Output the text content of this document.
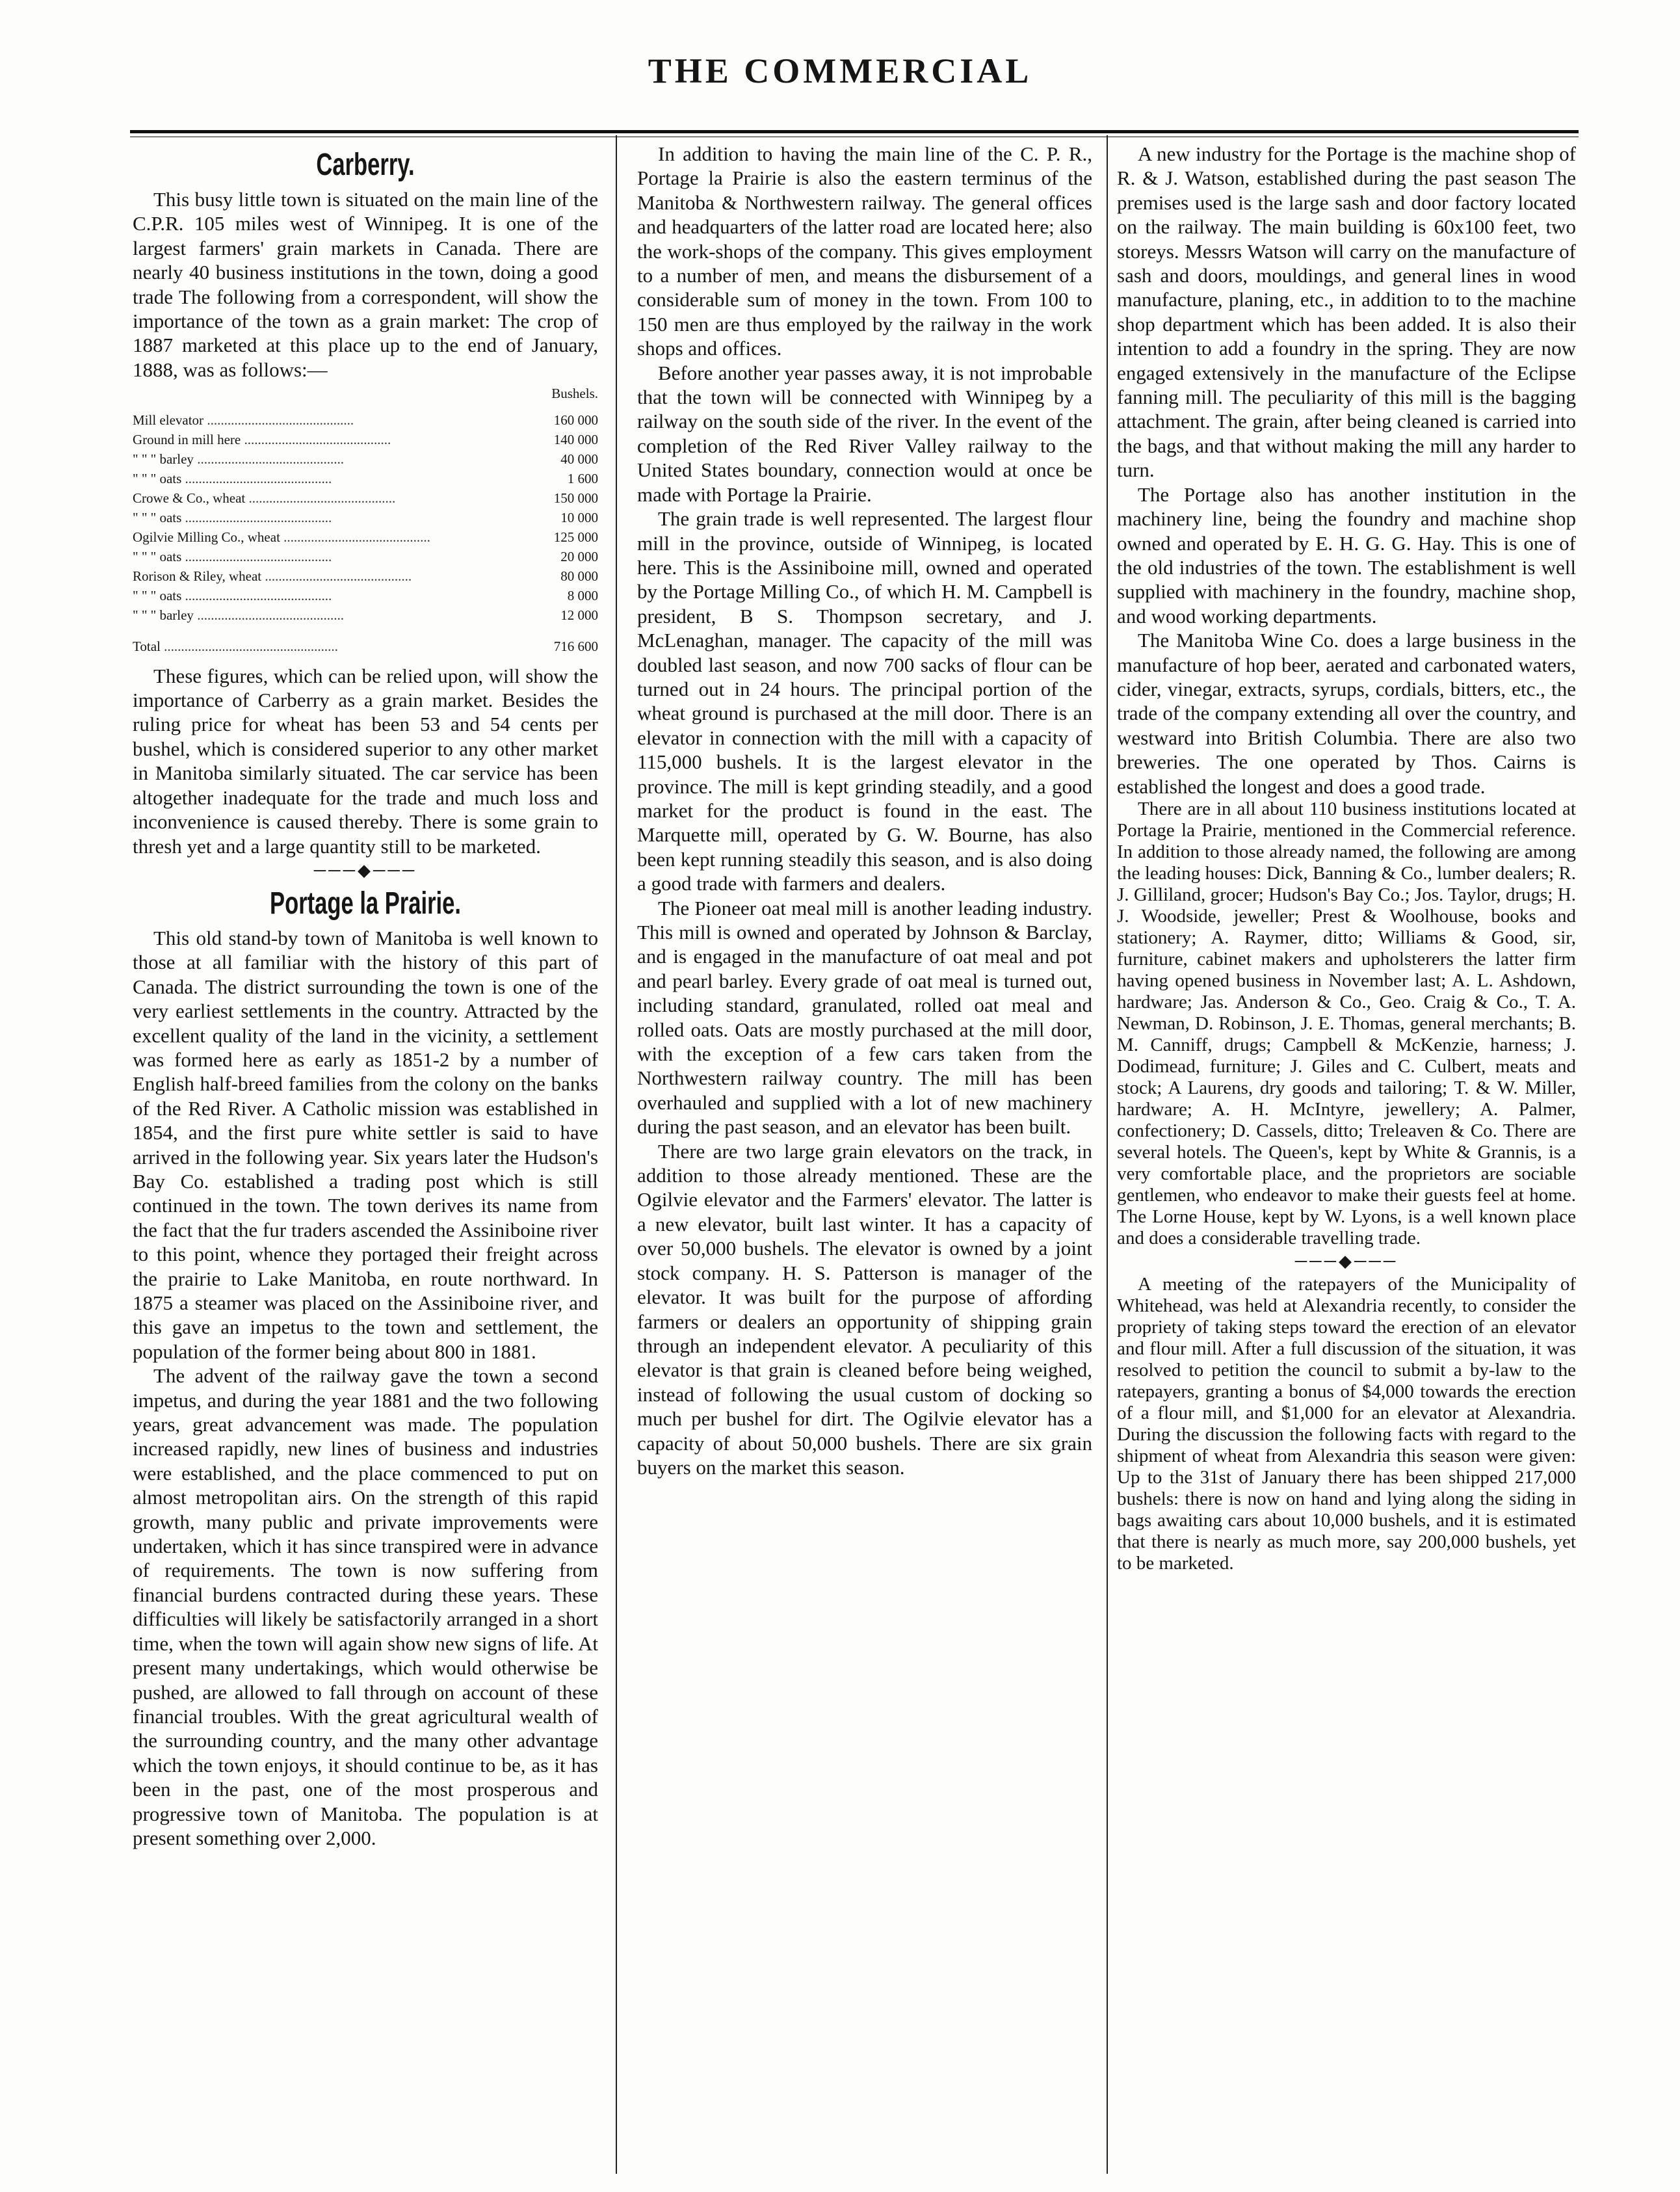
THE COMMERCIAL
Carberry.

This busy little town is situated on the main line of the C.P.R. 105 miles west of Winnipeg. It is one of the largest farmers' grain markets in Canada. There are nearly 40 business institutions in the town, doing a good trade The following from a correspondent, will show the importance of the town as a grain market: The crop of 1887 marketed at this place up to the end of January, 1888, was as follows:—

Bushels.
Mill elevator ...........................................	160 000
Ground in mill here ...........................................	140 000
" " " barley ...........................................	40 000
" " " oats ...........................................	1 600
Crowe & Co., wheat ...........................................	150 000
" " " oats ...........................................	10 000
Ogilvie Milling Co., wheat ...........................................	125 000
" " " oats ...........................................	20 000
Rorison & Riley, wheat ...........................................	80 000
" " " oats ...........................................	8 000
" " " barley ...........................................	12 000
Total ...................................................	716 600

These figures, which can be relied upon, will show the importance of Carberry as a grain market. Besides the ruling price for wheat has been 53 and 54 cents per bushel, which is considered superior to any other market in Manitoba similarly situated. The car service has been altogether inadequate for the trade and much loss and inconvenience is caused thereby. There is some grain to thresh yet and a large quantity still to be marketed.

───◆───
Portage la Prairie.

This old stand-by town of Manitoba is well known to those at all familiar with the history of this part of Canada. The district surrounding the town is one of the very earliest settlements in the country. Attracted by the excellent quality of the land in the vicinity, a settlement was formed here as early as 1851-2 by a number of English half-breed families from the colony on the banks of the Red River. A Catholic mission was established in 1854, and the first pure white settler is said to have arrived in the following year. Six years later the Hudson's Bay Co. established a trading post which is still continued in the town. The town derives its name from the fact that the fur traders ascended the Assiniboine river to this point, whence they portaged their freight across the prairie to Lake Manitoba, en route northward. In 1875 a steamer was placed on the Assiniboine river, and this gave an impetus to the town and settlement, the population of the former being about 800 in 1881.

The advent of the railway gave the town a second impetus, and during the year 1881 and the two following years, great advancement was made. The population increased rapidly, new lines of business and industries were established, and the place commenced to put on almost metropolitan airs. On the strength of this rapid growth, many public and private improvements were undertaken, which it has since transpired were in advance of requirements. The town is now suffering from financial burdens contracted during these years. These difficulties will likely be satisfactorily arranged in a short time, when the town will again show new signs of life. At present many undertakings, which would otherwise be pushed, are allowed to fall through on account of these financial troubles. With the great agricultural wealth of the surrounding country, and the many other advantage which the town enjoys, it should continue to be, as it has been in the past, one of the most prosperous and progressive town of Manitoba. The population is at present something over 2,000.

In addition to having the main line of the C. P. R., Portage la Prairie is also the eastern terminus of the Manitoba & Northwestern railway. The general offices and headquarters of the latter road are located here; also the work-shops of the company. This gives employment to a number of men, and means the disbursement of a considerable sum of money in the town. From 100 to 150 men are thus employed by the railway in the work shops and offices.

Before another year passes away, it is not improbable that the town will be connected with Winnipeg by a railway on the south side of the river. In the event of the completion of the Red River Valley railway to the United States boundary, connection would at once be made with Portage la Prairie.

The grain trade is well represented. The largest flour mill in the province, outside of Winnipeg, is located here. This is the Assiniboine mill, owned and operated by the Portage Milling Co., of which H. M. Campbell is president, B S. Thompson secretary, and J. McLenaghan, manager. The capacity of the mill was doubled last season, and now 700 sacks of flour can be turned out in 24 hours. The principal portion of the wheat ground is purchased at the mill door. There is an elevator in connection with the mill with a capacity of 115,000 bushels. It is the largest elevator in the province. The mill is kept grinding steadily, and a good market for the product is found in the east. The Marquette mill, operated by G. W. Bourne, has also been kept running steadily this season, and is also doing a good trade with farmers and dealers.

The Pioneer oat meal mill is another leading industry. This mill is owned and operated by Johnson & Barclay, and is engaged in the manufacture of oat meal and pot and pearl barley. Every grade of oat meal is turned out, including standard, granulated, rolled oat meal and rolled oats. Oats are mostly purchased at the mill door, with the exception of a few cars taken from the Northwestern railway country. The mill has been overhauled and supplied with a lot of new machinery during the past season, and an elevator has been built.

There are two large grain elevators on the track, in addition to those already mentioned. These are the Ogilvie elevator and the Farmers' elevator. The latter is a new elevator, built last winter. It has a capacity of over 50,000 bushels. The elevator is owned by a joint stock company. H. S. Patterson is manager of the elevator. It was built for the purpose of affording farmers or dealers an opportunity of shipping grain through an independent elevator. A peculiarity of this elevator is that grain is cleaned before being weighed, instead of following the usual custom of docking so much per bushel for dirt. The Ogilvie elevator has a capacity of about 50,000 bushels. There are six grain buyers on the market this season.

A new industry for the Portage is the machine shop of R. & J. Watson, established during the past season The premises used is the large sash and door factory located on the railway. The main building is 60x100 feet, two storeys. Messrs Watson will carry on the manufacture of sash and doors, mouldings, and general lines in wood manufacture, planing, etc., in addition to to the machine shop department which has been added. It is also their intention to add a foundry in the spring. They are now engaged extensively in the manufacture of the Eclipse fanning mill. The peculiarity of this mill is the bagging attachment. The grain, after being cleaned is carried into the bags, and that without making the mill any harder to turn.

The Portage also has another institution in the machinery line, being the foundry and machine shop owned and operated by E. H. G. G. Hay. This is one of the old industries of the town. The establishment is well supplied with machinery in the foundry, machine shop, and wood working departments.

The Manitoba Wine Co. does a large business in the manufacture of hop beer, aerated and carbonated waters, cider, vinegar, extracts, syrups, cordials, bitters, etc., the trade of the company extending all over the country, and westward into British Columbia. There are also two breweries. The one operated by Thos. Cairns is established the longest and does a good trade.

There are in all about 110 business institutions located at Portage la Prairie, mentioned in the Commercial reference. In addition to those already named, the following are among the leading houses: Dick, Banning & Co., lumber dealers; R. J. Gilliland, grocer; Hudson's Bay Co.; Jos. Taylor, drugs; H. J. Woodside, jeweller; Prest & Woolhouse, books and stationery; A. Raymer, ditto; Williams & Good, sir, furniture, cabinet makers and upholsterers the latter firm having opened business in November last; A. L. Ashdown, hardware; Jas. Anderson & Co., Geo. Craig & Co., T. A. Newman, D. Robinson, J. E. Thomas, general merchants; B. M. Canniff, drugs; Campbell & McKenzie, harness; J. Dodimead, furniture; J. Giles and C. Culbert, meats and stock; A Laurens, dry goods and tailoring; T. & W. Miller, hardware; A. H. McIntyre, jewellery; A. Palmer, confectionery; D. Cassels, ditto; Treleaven & Co. There are several hotels. The Queen's, kept by White & Grannis, is a very comfortable place, and the proprietors are sociable gentlemen, who endeavor to make their guests feel at home. The Lorne House, kept by W. Lyons, is a well known place and does a considerable travelling trade.

───◆───

A meeting of the ratepayers of the Municipality of Whitehead, was held at Alexandria recently, to consider the propriety of taking steps toward the erection of an elevator and flour mill. After a full discussion of the situation, it was resolved to petition the council to submit a by-law to the ratepayers, granting a bonus of $4,000 towards the erection of a flour mill, and $1,000 for an elevator at Alexandria. During the discussion the following facts with regard to the shipment of wheat from Alexandria this season were given: Up to the 31st of January there has been shipped 217,000 bushels: there is now on hand and lying along the siding in bags awaiting cars about 10,000 bushels, and it is estimated that there is nearly as much more, say 200,000 bushels, yet to be marketed.
